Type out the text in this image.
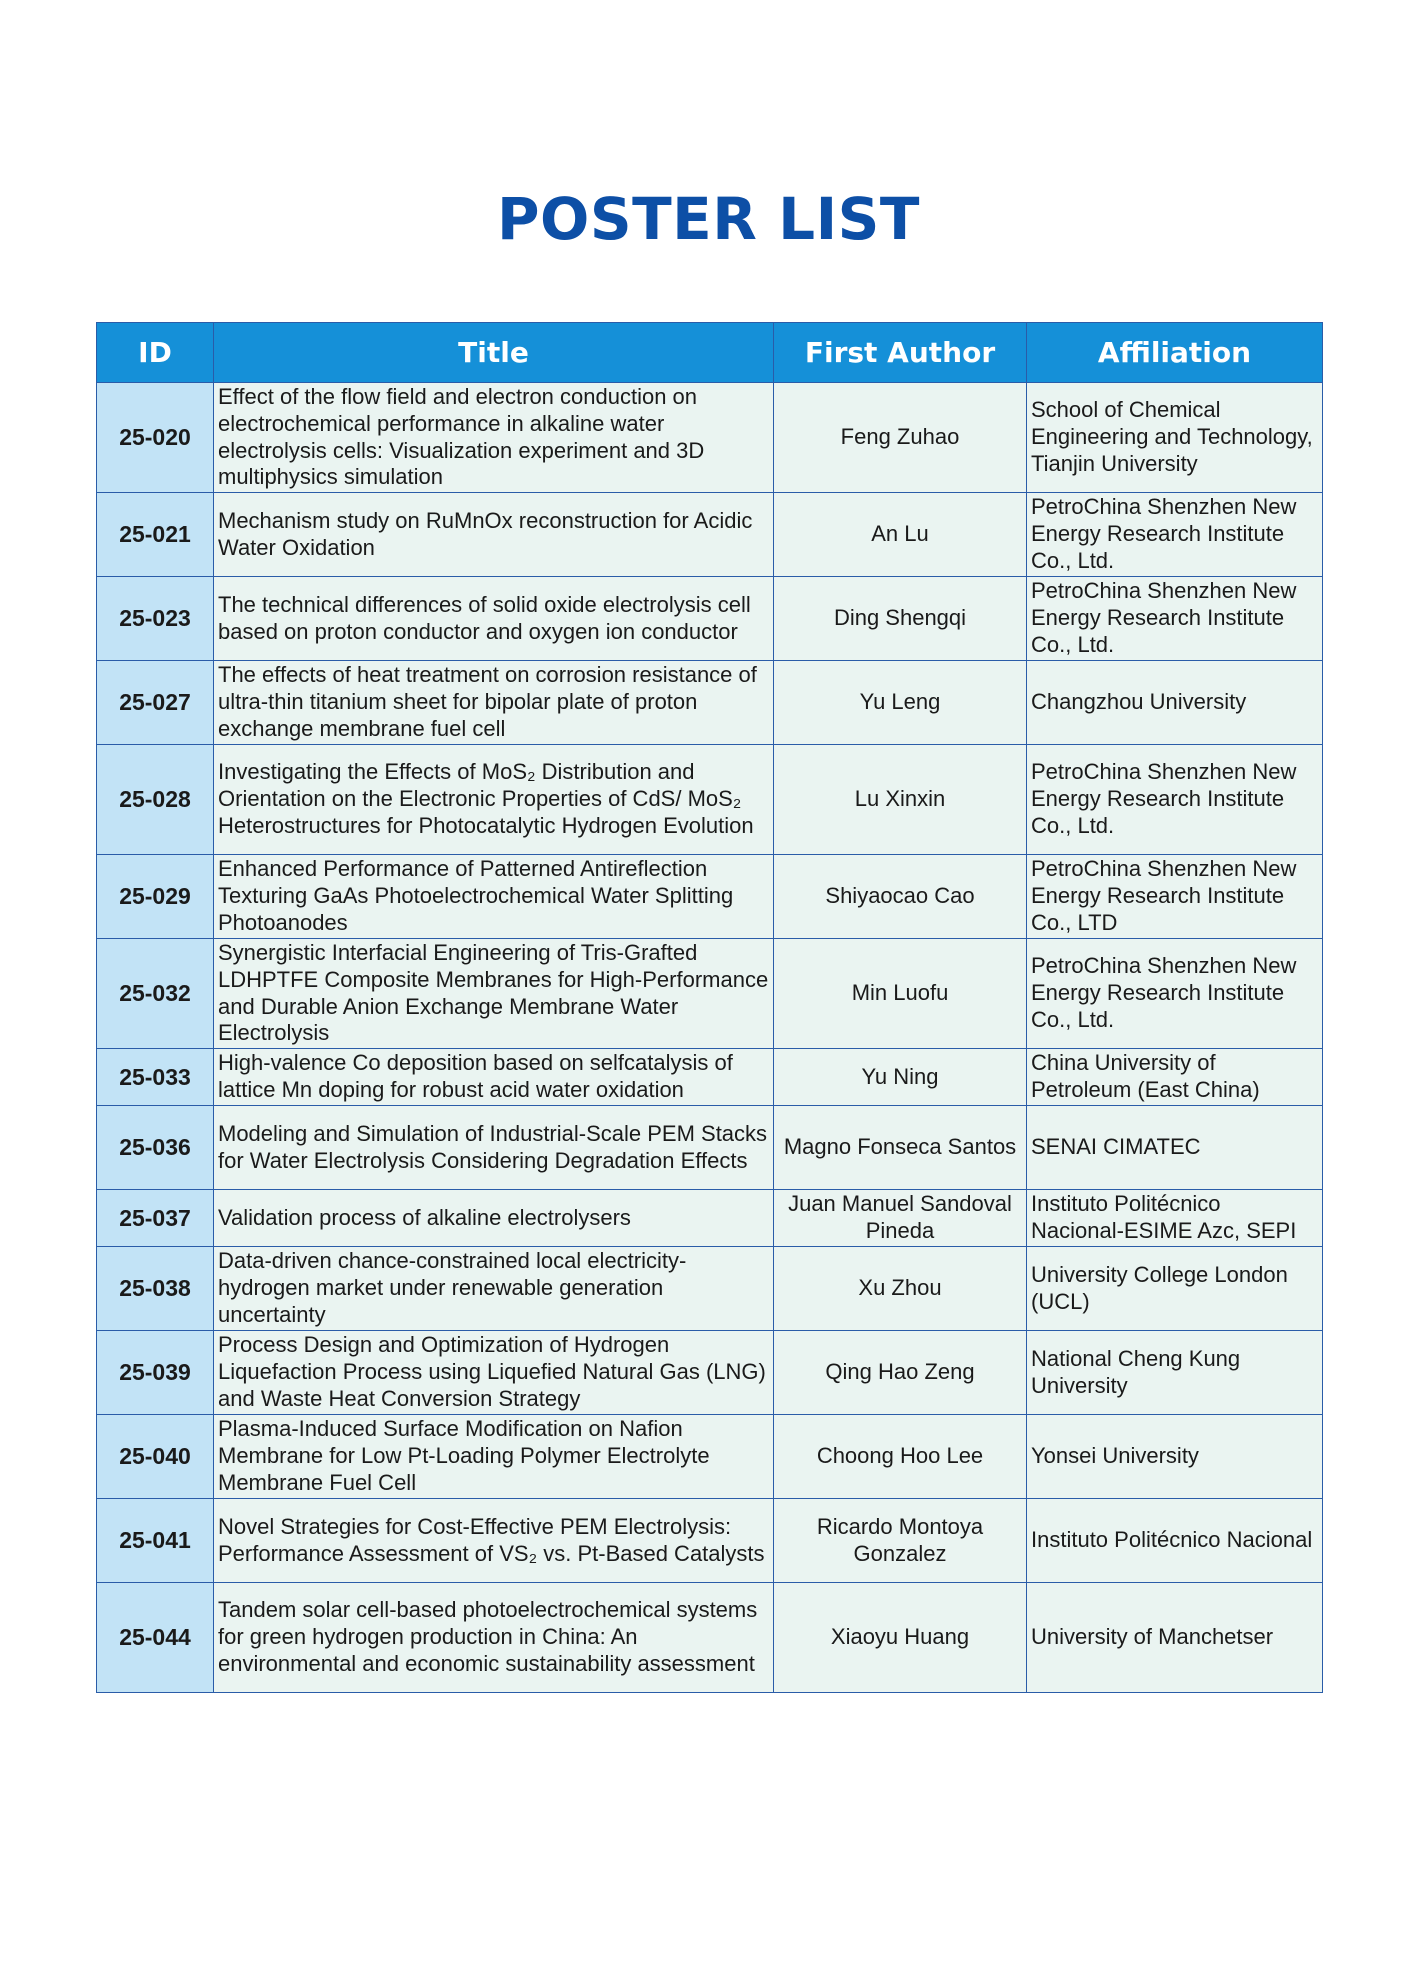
POSTER LIST
ID	Title	First Author	Affiliation
25-020	Effect of the flow field and electron conduction on electrochemical performance in alkaline water electrolysis cells: Visualization experiment and 3D multiphysics simulation	Feng Zuhao	School of Chemical Engineering and Technology, Tianjin University
25-021	Mechanism study on RuMnOx reconstruction for Acidic Water Oxidation	An Lu	PetroChina Shenzhen New Energy Research Institute Co., Ltd.
25-023	The technical differences of solid oxide electrolysis cell based on proton conductor and oxygen ion conductor	Ding Shengqi	PetroChina Shenzhen New Energy Research Institute Co., Ltd.
25-027	The effects of heat treatment on corrosion resistance of ultra-thin titanium sheet for bipolar plate of proton exchange membrane fuel cell	Yu Leng	Changzhou University
25-028	Investigating the Effects of MoS₂ Distribution and Orientation on the Electronic Properties of CdS/ MoS₂ Heterostructures for Photocatalytic Hydrogen Evolution	Lu Xinxin	PetroChina Shenzhen New Energy Research Institute Co., Ltd.
25-029	Enhanced Performance of Patterned Antireflection Texturing GaAs Photoelectrochemical Water Splitting Photoanodes	Shiyaocao Cao	PetroChina Shenzhen New Energy Research Institute Co., LTD
25-032	Synergistic Interfacial Engineering of Tris-Grafted LDHPTFE Composite Membranes for High-Performance and Durable Anion Exchange Membrane Water Electrolysis	Min Luofu	PetroChina Shenzhen New Energy Research Institute Co., Ltd.
25-033	High-valence Co deposition based on selfcatalysis of lattice Mn doping for robust acid water oxidation	Yu Ning	China University of Petroleum (East China)
25-036	Modeling and Simulation of Industrial-Scale PEM Stacks for Water Electrolysis Considering Degradation Effects	Magno Fonseca Santos	SENAI CIMATEC
25-037	Validation process of alkaline electrolysers	Juan Manuel Sandoval Pineda	Instituto Politécnico Nacional-ESIME Azc, SEPI
25-038	Data-driven chance-constrained local electricity-hydrogen market under renewable generation uncertainty	Xu Zhou	University College London (UCL)
25-039	Process Design and Optimization of Hydrogen Liquefaction Process using Liquefied Natural Gas (LNG) and Waste Heat Conversion Strategy	Qing Hao Zeng	National Cheng Kung University
25-040	Plasma-Induced Surface Modification on Nafion Membrane for Low Pt-Loading Polymer Electrolyte Membrane Fuel Cell	Choong Hoo Lee	Yonsei University
25-041	Novel Strategies for Cost-Effective PEM Electrolysis: Performance Assessment of VS₂ vs. Pt-Based Catalysts	Ricardo Montoya Gonzalez	Instituto Politécnico Nacional
25-044	Tandem solar cell-based photoelectrochemical systems for green hydrogen production in China: An environmental and economic sustainability assessment	Xiaoyu Huang	University of Manchetser
